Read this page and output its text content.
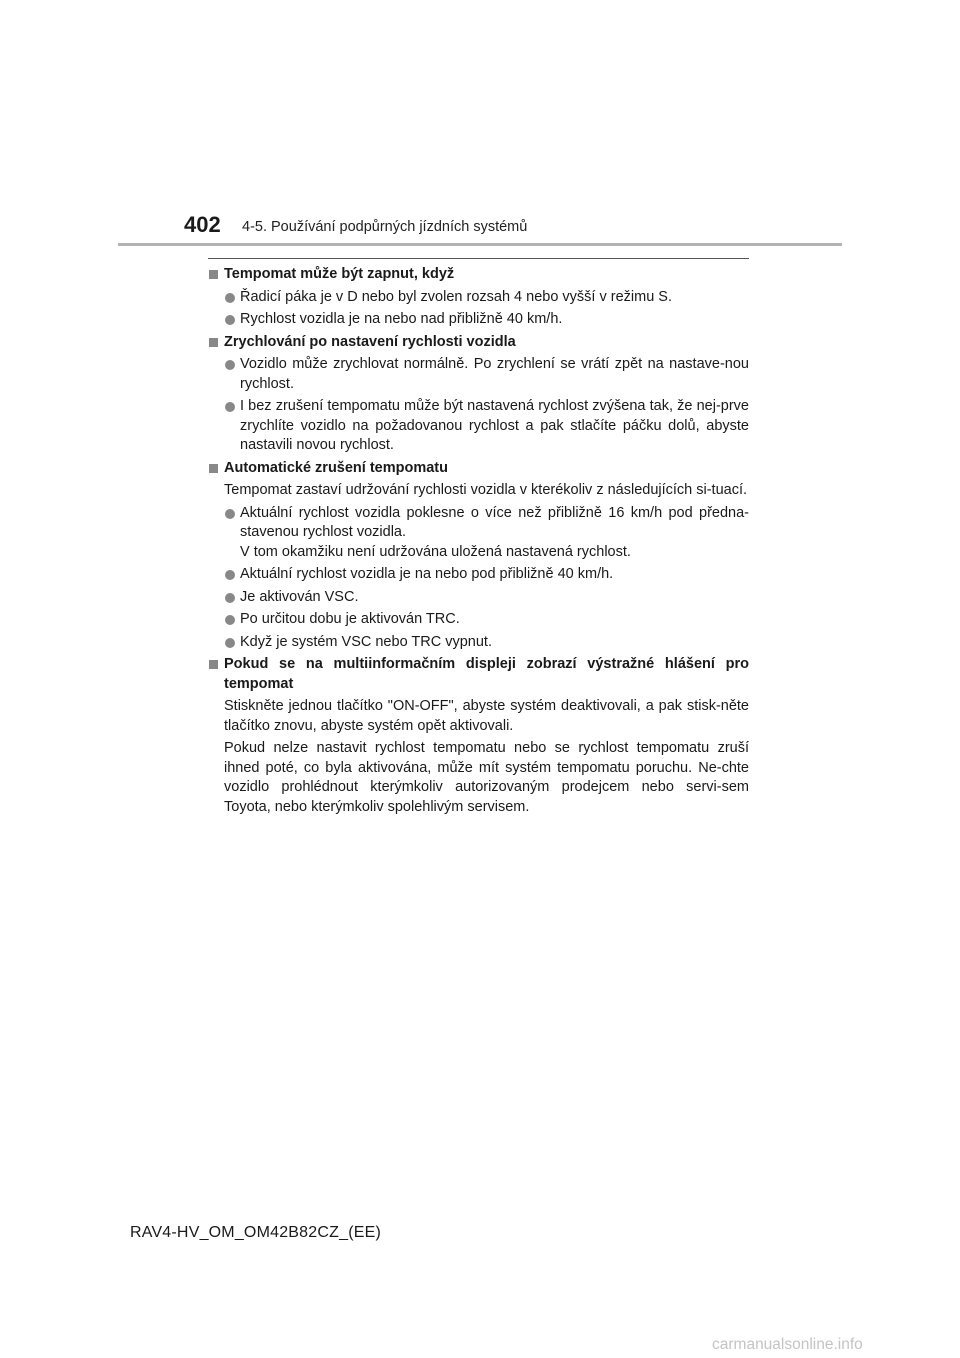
402 4-5. Používání podpůrných jízdních systémů
Tempomat může být zapnut, když
Řadicí páka je v D nebo byl zvolen rozsah 4 nebo vyšší v režimu S.
Rychlost vozidla je na nebo nad přibližně 40 km/h.
Zrychlování po nastavení rychlosti vozidla
Vozidlo může zrychlovat normálně. Po zrychlení se vrátí zpět na nastave-nou rychlost.
I bez zrušení tempomatu může být nastavená rychlost zvýšena tak, že nej-prve zrychlíte vozidlo na požadovanou rychlost a pak stlačíte páčku dolů, abyste nastavili novou rychlost.
Automatické zrušení tempomatu
Tempomat zastaví udržování rychlosti vozidla v kterékoliv z následujících si-tuací.
Aktuální rychlost vozidla poklesne o více než přibližně 16 km/h pod předna-stavenou rychlost vozidla.
V tom okamžiku není udržována uložená nastavená rychlost.
Aktuální rychlost vozidla je na nebo pod přibližně 40 km/h.
Je aktivován VSC.
Po určitou dobu je aktivován TRC.
Když je systém VSC nebo TRC vypnut.
Pokud se na multiinformačním displeji zobrazí výstražné hlášení pro tempomat
Stiskněte jednou tlačítko "ON-OFF", abyste systém deaktivovali, a pak stisk-něte tlačítko znovu, abyste systém opět aktivovali.
Pokud nelze nastavit rychlost tempomatu nebo se rychlost tempomatu zruší ihned poté, co byla aktivována, může mít systém tempomatu poruchu. Ne-chte vozidlo prohlédnout kterýmkoliv autorizovaným prodejcem nebo servi-sem Toyota, nebo kterýmkoliv spolehlivým servisem.
RAV4-HV_OM_OM42B82CZ_(EE)
carmanualsonline.info
